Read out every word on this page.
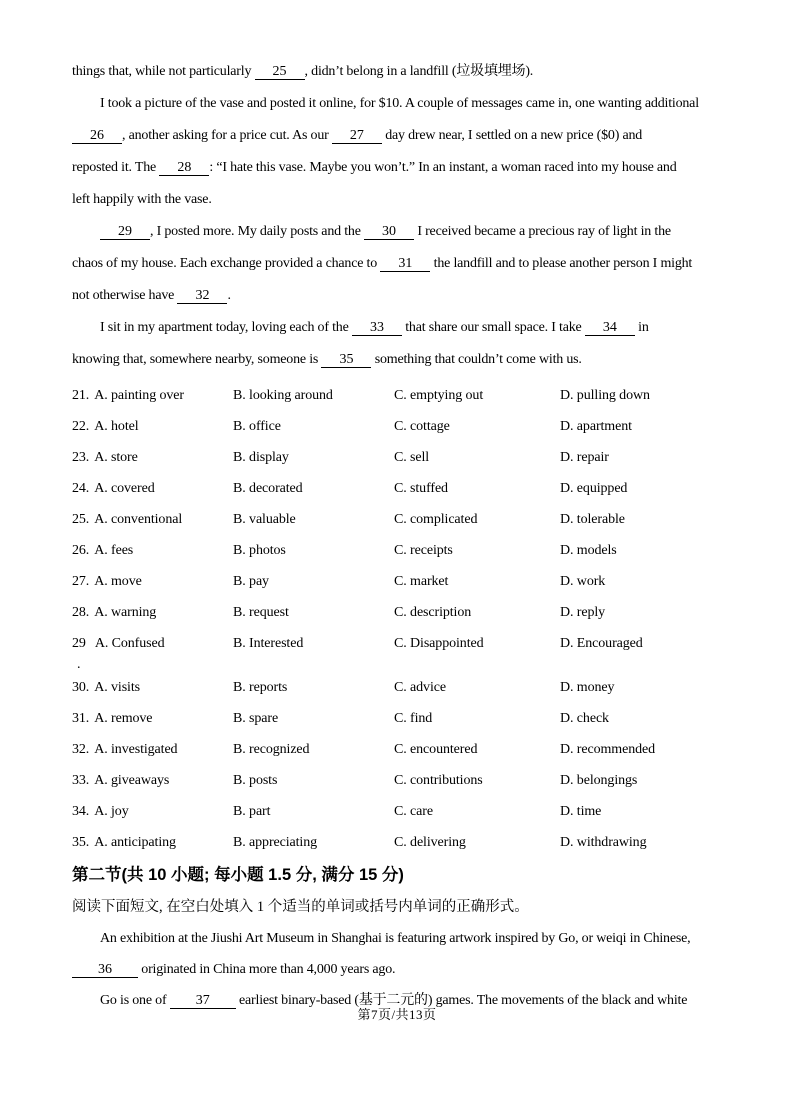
things that, while not particularly 25 , didn’t belong in a landfill (垃圾填埋场).
I took a picture of the vase and posted it online, for $10. A couple of messages came in, one wanting additional
26 , another asking for a price cut. As our 27 day drew near, I settled on a new price ($0) and
reposted it. The 28 : “I hate this vase. Maybe you won’t.” In an instant, a woman raced into my house and
left happily with the vase.
29 , I posted more. My daily posts and the 30 I received became a precious ray of light in the
chaos of my house. Each exchange provided a chance to 31 the landfill and to please another person I might
not otherwise have 32 .
I sit in my apartment today, loving each of the 33 that share our small space. I take 34 in
knowing that, somewhere nearby, someone is 35 something that couldn’t come with us.
21. A. painting over	B. looking around	C. emptying out	D. pulling down
22. A. hotel	B. office	C. cottage	D. apartment
23. A. store	B. display	C. sell	D. repair
24. A. covered	B. decorated	C. stuffed	D. equipped
25. A. conventional	B. valuable	C. complicated	D. tolerable
26. A. fees	B. photos	C. receipts	D. models
27. A. move	B. pay	C. market	D. work
28. A. warning	B. request	C. description	D. reply
29
.
A. Confused	B. Interested	C. Disappointed	D. Encouraged
30. A. visits	B. reports	C. advice	D. money
31. A. remove	B. spare	C. find	D. check
32. A. investigated	B. recognized	C. encountered	D. recommended
33. A. giveaways	B. posts	C. contributions	D. belongings
34. A. joy	B. part	C. care	D. time
35. A. anticipating	B. appreciating	C. delivering	D. withdrawing
第二节(共 10 小题; 每小题 1.5 分, 满分 15 分)
阅读下面短文, 在空白处填入 1 个适当的单词或括号内单词的正确形式。
An exhibition at the Jiushi Art Museum in Shanghai is featuring artwork inspired by Go, or weiqi in Chinese,
36 originated in China more than 4,000 years ago.
Go is one of 37 earliest binary-based (基于二元的) games. The movements of the black and white
第7页/共13页
